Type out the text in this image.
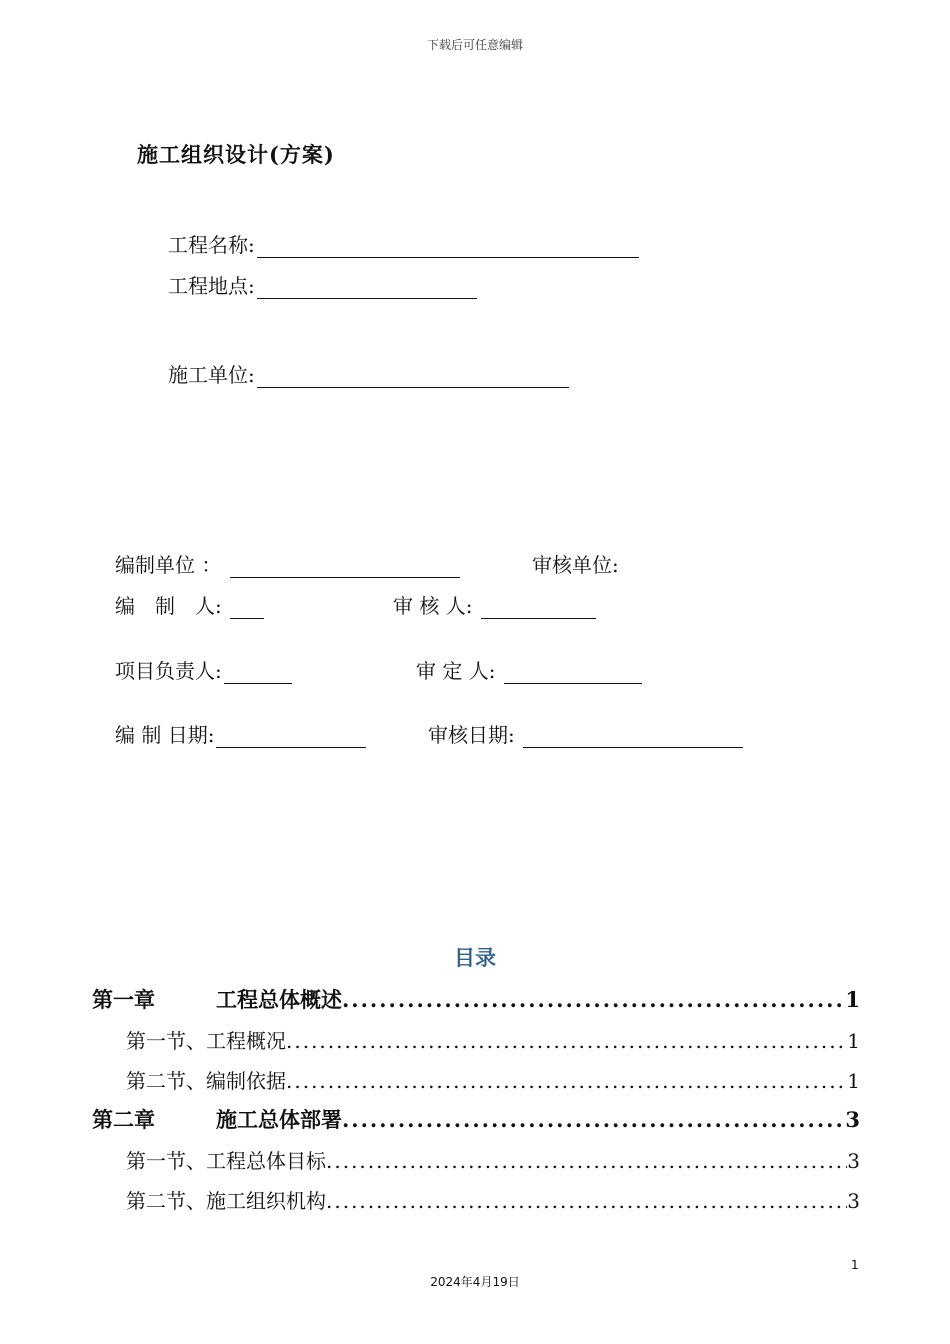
下载后可任意编辑
施工组织设计(方案)
工程名称:
工程地点:
施工单位:
编制单位 ：	审核单位:
编　制　人:	审 核 人:
项目负责人:	审 定 人:
编 制 日期:	审核日期:
目录
第一章	工程总体概述 .....	1
第一节、工程概况 .....	1
第二节、编制依据 .....	1
第二章	施工总体部署 .....	3
第一节、工程总体目标 .....	3
第二节、施工组织机构 .....	3
1
2024年4月19日
